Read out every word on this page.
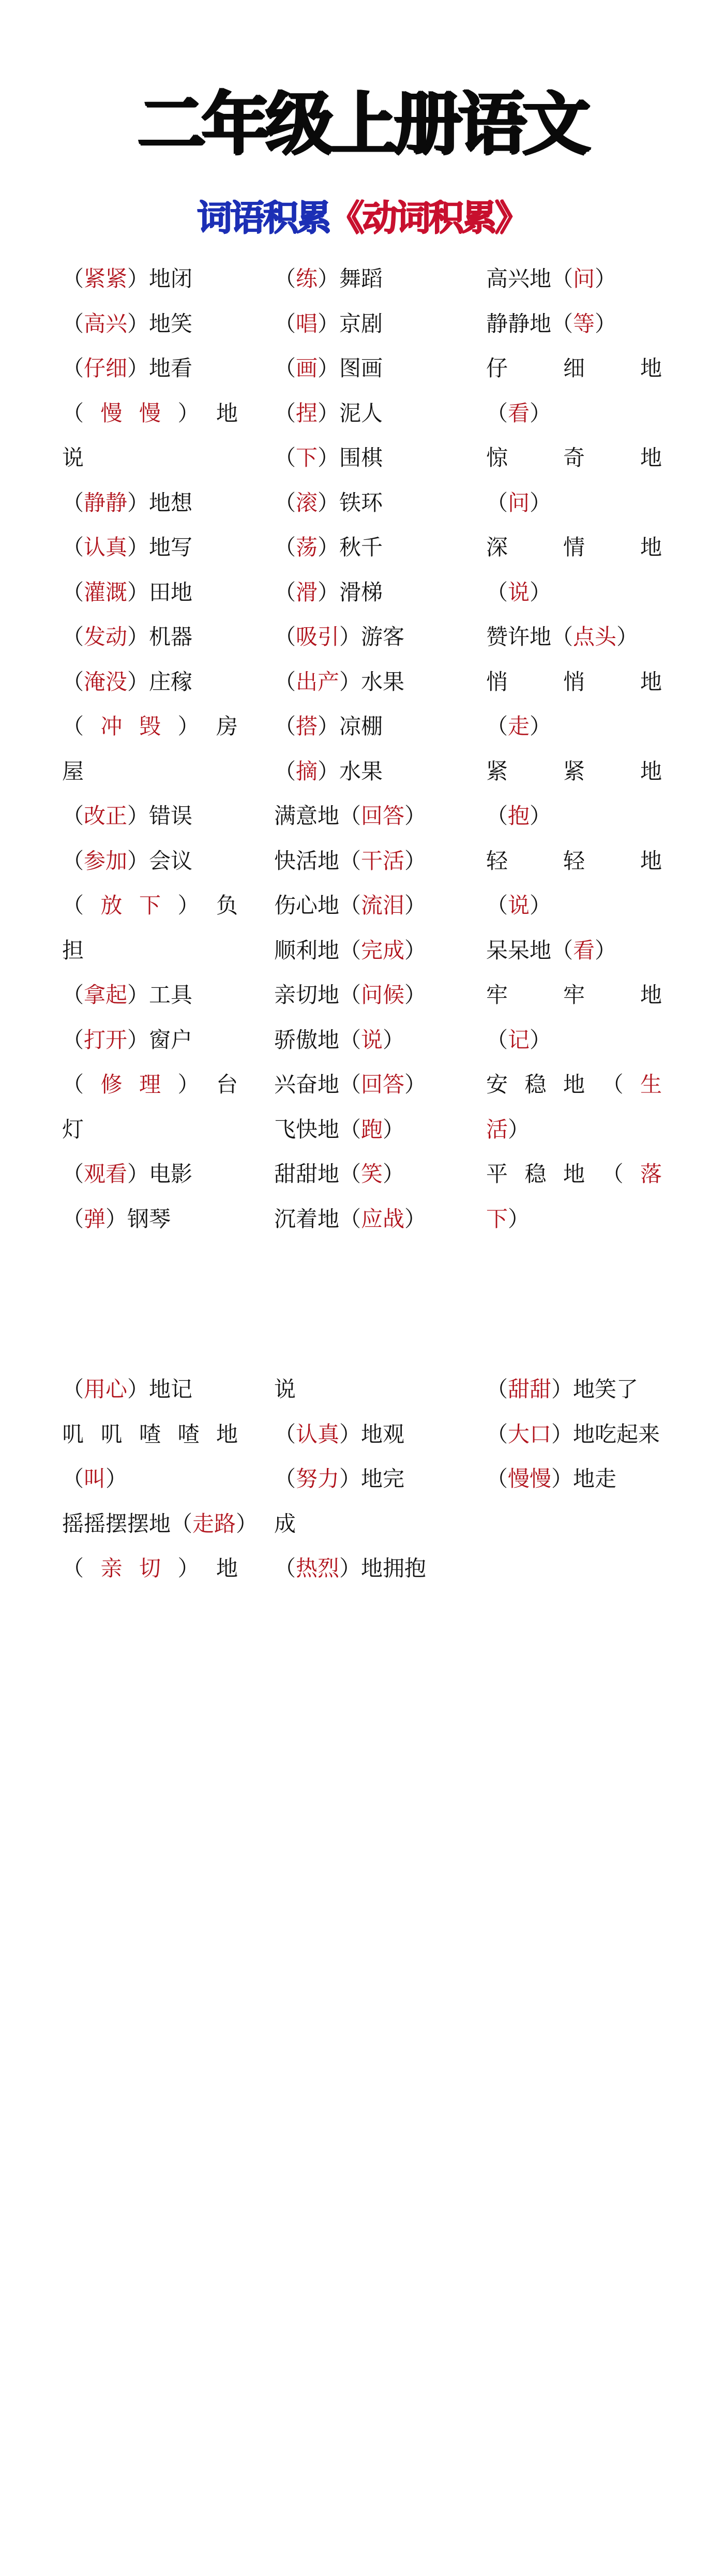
二年级上册语文
词语积累《动词积累》
（紧紧）地闭
（高兴）地笑
（仔细）地看
（慢慢）地
说
（静静）地想
（认真）地写
（灌溉）田地
（发动）机器
（淹没）庄稼
（冲毁）房
屋
（改正）错误
（参加）会议
（放下）负
担
（拿起）工具
（打开）窗户
（修理）台
灯
（观看）电影
（弹）钢琴
（练）舞蹈
（唱）京剧
（画）图画
（捏）泥人
（下）围棋
（滚）铁环
（荡）秋千
（滑）滑梯
（吸引）游客
（出产）水果
（搭）凉棚
（摘）水果
满意地（回答）
快活地（干活）
伤心地（流泪）
顺利地（完成）
亲切地（问候）
骄傲地（说）
兴奋地（回答）
飞快地（跑）
甜甜地（笑）
沉着地（应战）
高兴地（问）
静静地（等）
仔细地
（看）
惊奇地
（问）
深情地
（说）
赞许地（点头）
悄悄地
（走）
紧紧地
（抱）
轻轻地
（说）
呆呆地（看）
牢牢地
（记）
安稳地（生
活）
平稳地（落
下）
（用心）地记
叽叽喳喳地
（叫）
摇摇摆摆地（走路）
（亲切）地
说
（认真）地观
（努力）地完
成
（热烈）地拥抱
（甜甜）地笑了
（大口）地吃起来
（慢慢）地走
